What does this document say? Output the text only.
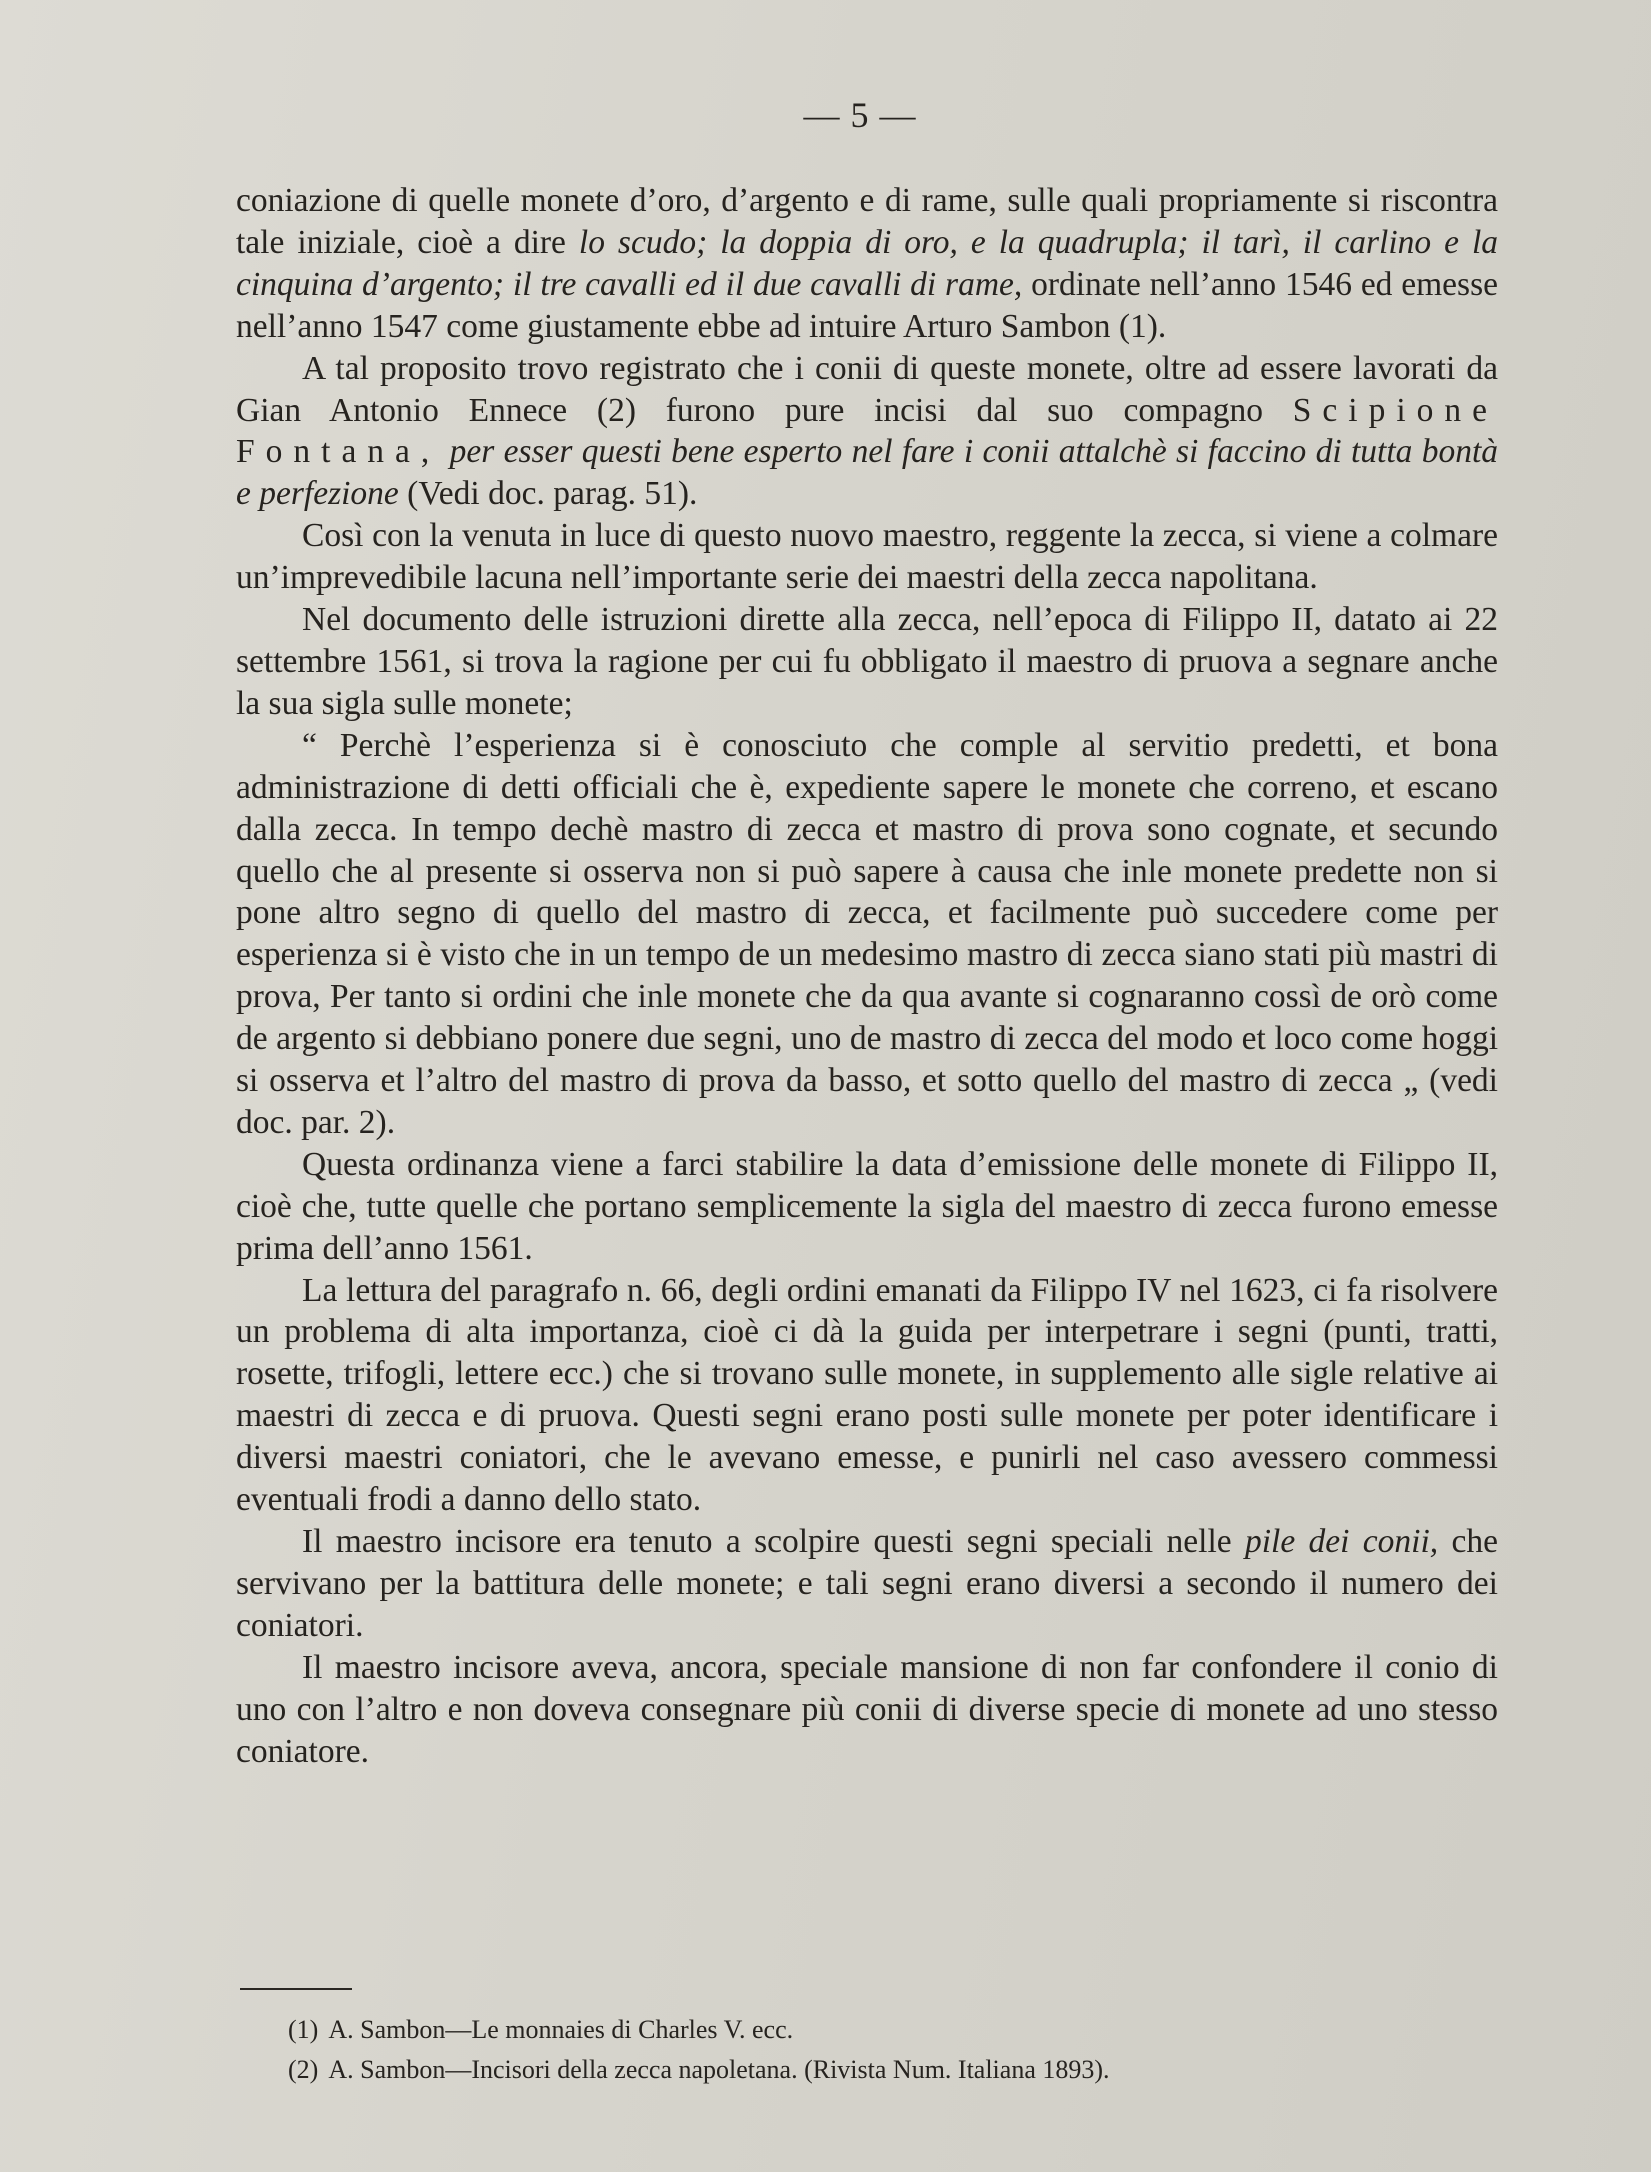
— 5 —

coniazione di quelle monete d’oro, d’argento e di rame, sulle quali propriamente si riscontra tale iniziale, cioè a dire lo scudo; la doppia di oro, e la quadrupla; il tarì, il carlino e la cinquina d’argento; il tre cavalli ed il due cavalli di rame, ordinate nell’anno 1546 ed emesse nell’anno 1547 come giustamente ebbe ad intuire Arturo Sambon (1).

A tal proposito trovo registrato che i conii di queste monete, oltre ad essere lavorati da Gian Antonio Ennece (2) furono pure incisi dal suo compagno Scipione Fontana, per esser questi bene esperto nel fare i conii attalchè si faccino di tutta bontà e perfezione (Vedi doc. parag. 51).

Così con la venuta in luce di questo nuovo maestro, reggente la zecca, si viene a colmare un’imprevedibile lacuna nell’importante serie dei maestri della zecca napolitana.

Nel documento delle istruzioni dirette alla zecca, nell’epoca di Filippo II, datato ai 22 settembre 1561, si trova la ragione per cui fu obbligato il maestro di pruova a segnare anche la sua sigla sulle monete;

“ Perchè l’esperienza si è conosciuto che comple al servitio predetti, et bona administrazione di detti officiali che è, expediente sapere le monete che correno, et escano dalla zecca. In tempo dechè mastro di zecca et mastro di prova sono cognate, et secundo quello che al presente si osserva non si può sapere à causa che inle monete predette non si pone altro segno di quello del mastro di zecca, et facilmente può succedere come per esperienza si è visto che in un tempo de un medesimo mastro di zecca siano stati più mastri di prova, Per tanto si ordini che inle monete che da qua avante si cognaranno cossì de orò come de argento si debbiano ponere due segni, uno de mastro di zecca del modo et loco come hoggi si osserva et l’altro del mastro di prova da basso, et sotto quello del mastro di zecca „ (vedi doc. par. 2).

Questa ordinanza viene a farci stabilire la data d’emissione delle monete di Filippo II, cioè che, tutte quelle che portano semplicemente la sigla del maestro di zecca furono emesse prima dell’anno 1561.

La lettura del paragrafo n. 66, degli ordini emanati da Filippo IV nel 1623, ci fa risolvere un problema di alta importanza, cioè ci dà la guida per interpetrare i segni (punti, tratti, rosette, trifogli, lettere ecc.) che si trovano sulle monete, in supplemento alle sigle relative ai maestri di zecca e di pruova. Questi segni erano posti sulle monete per poter identificare i diversi maestri coniatori, che le avevano emesse, e punirli nel caso avessero commessi eventuali frodi a danno dello stato.

Il maestro incisore era tenuto a scolpire questi segni speciali nelle pile dei conii, che servivano per la battitura delle monete; e tali segni erano diversi a secondo il numero dei coniatori.

Il maestro incisore aveva, ancora, speciale mansione di non far confondere il conio di uno con l’altro e non doveva consegnare più conii di diverse specie di monete ad uno stesso coniatore.

(1) A. Sambon—Le monnaies di Charles V. ecc.
(2) A. Sambon—Incisori della zecca napoletana. (Rivista Num. Italiana 1893).
